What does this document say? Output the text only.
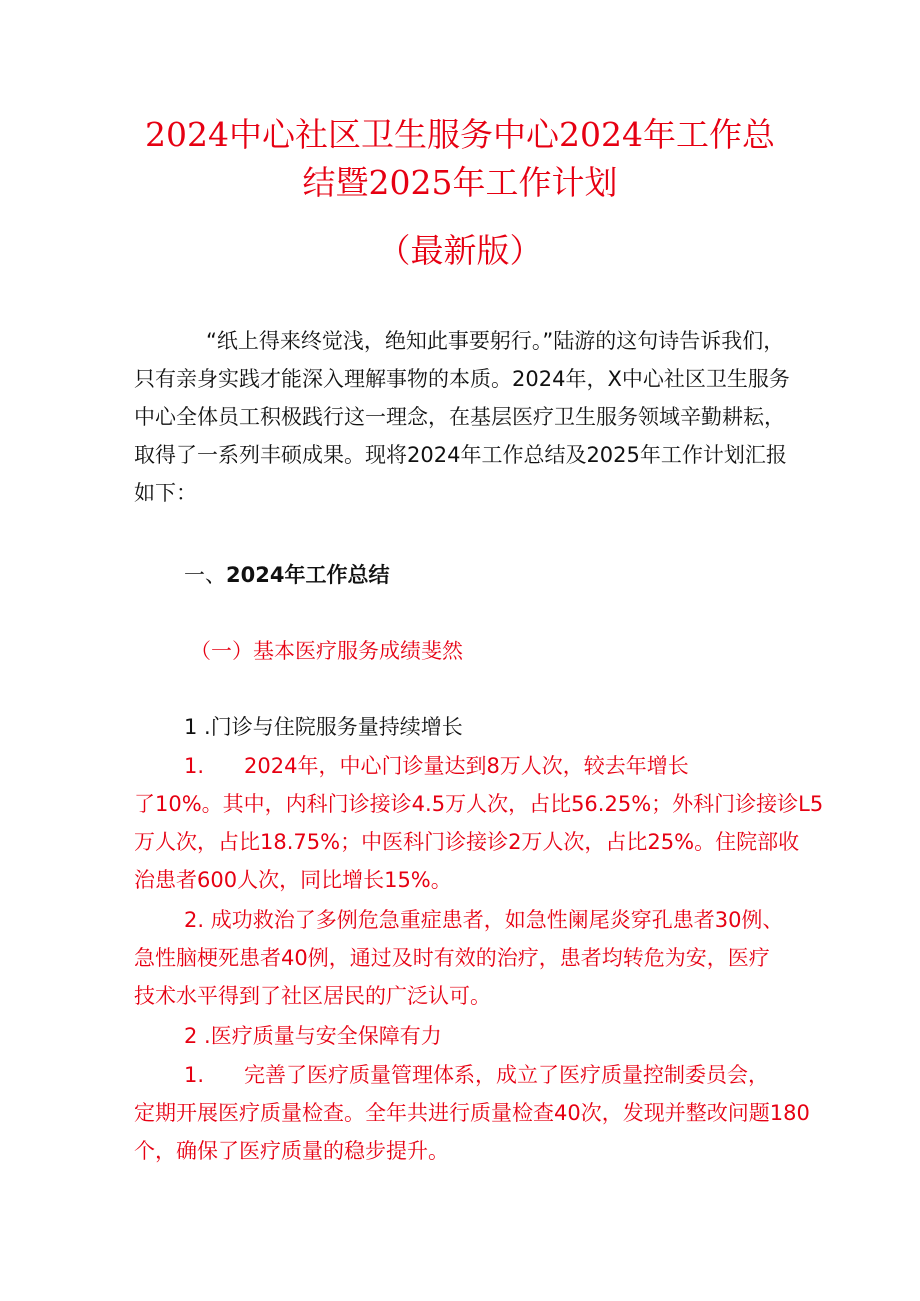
2024中心社区卫生服务中心2024年工作总
结暨2025年工作计划
（最新版）
“纸上得来终觉浅，绝知此事要躬行。”陆游的这句诗告诉我们，
只有亲身实践才能深入理解事物的本质。2024年，X中心社区卫生服务
中心全体员工积极践行这一理念，在基层医疗卫生服务领域辛勤耕耘，
取得了一系列丰硕成果。现将2024年工作总结及2025年工作计划汇报
如下：
一、2024年工作总结
（一）基本医疗服务成绩斐然
1 .门诊与住院服务量持续增长
1. 2024年，中心门诊量达到8万人次，较去年增长
了10%。其中，内科门诊接诊4.5万人次，占比56.25%；外科门诊接诊L5
万人次，占比18.75%；中医科门诊接诊2万人次，占比25%。住院部收
治患者600人次，同比增长15%。
2. 成功救治了多例危急重症患者，如急性阑尾炎穿孔患者30例、
急性脑梗死患者40例，通过及时有效的治疗，患者均转危为安，医疗
技术水平得到了社区居民的广泛认可。
2 .医疗质量与安全保障有力
1. 完善了医疗质量管理体系，成立了医疗质量控制委员会，
定期开展医疗质量检查。全年共进行质量检查40次，发现并整改问题180
个，确保了医疗质量的稳步提升。
